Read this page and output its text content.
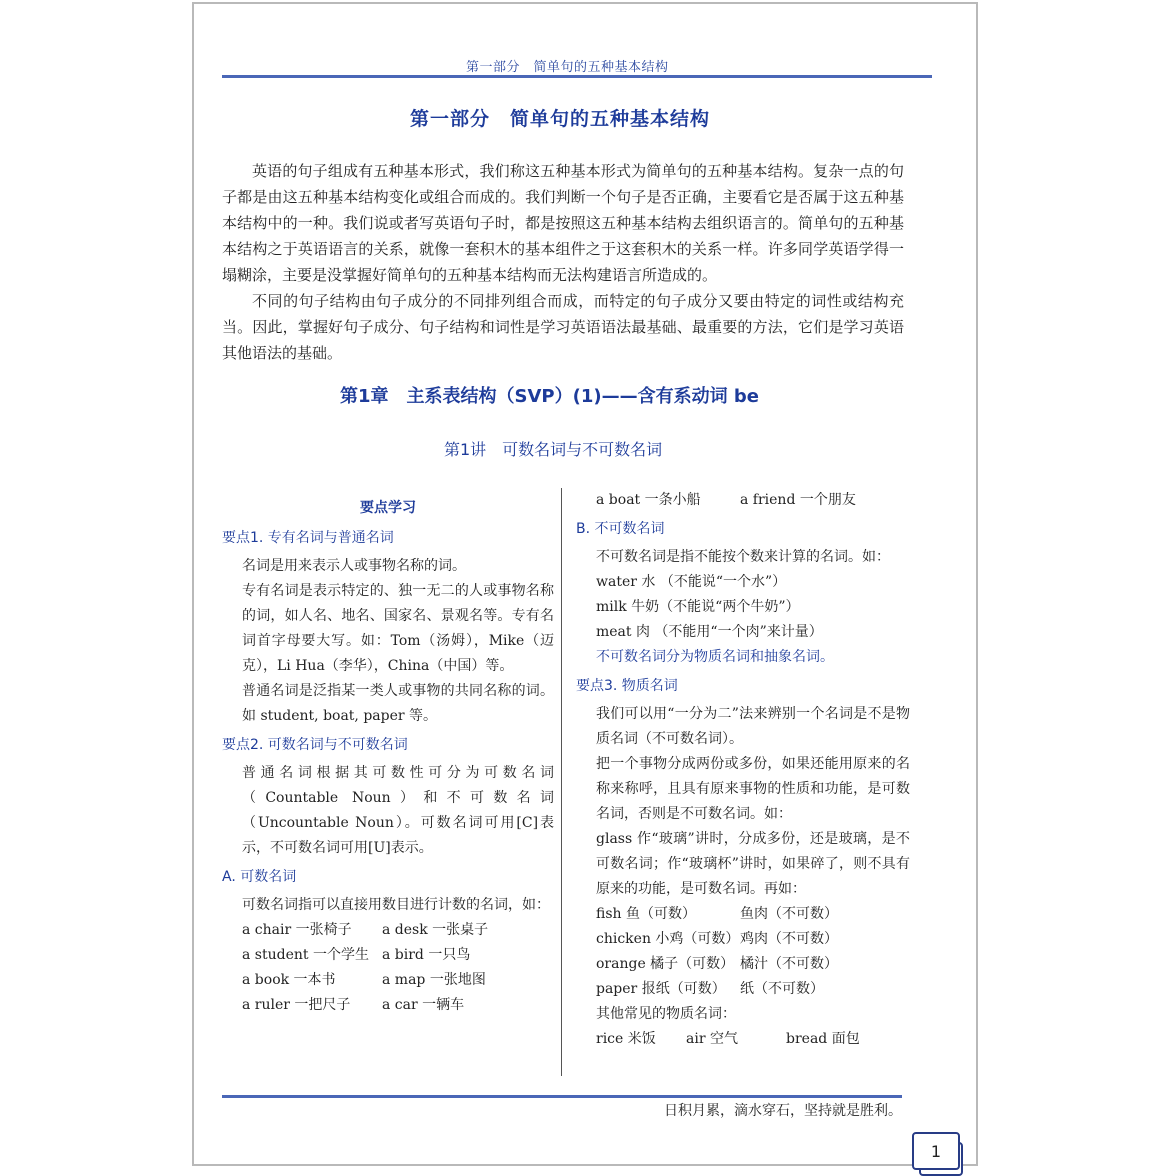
第一部分　简单句的五种基本结构
第一部分　简单句的五种基本结构

英语的句子组成有五种基本形式，我们称这五种基本形式为简单句的五种基本结构。复杂一点的句子都是由这五种基本结构变化或组合而成的。我们判断一个句子是否正确，主要看它是否属于这五种基本结构中的一种。我们说或者写英语句子时，都是按照这五种基本结构去组织语言的。简单句的五种基本结构之于英语语言的关系，就像一套积木的基本组件之于这套积木的关系一样。许多同学英语学得一塌糊涂，主要是没掌握好简单句的五种基本结构而无法构建语言所造成的。

不同的句子结构由句子成分的不同排列组合而成，而特定的句子成分又要由特定的词性或结构充当。因此，掌握好句子成分、句子结构和词性是学习英语语法最基础、最重要的方法，它们是学习英语其他语法的基础。

第1章　主系表结构（SVP）(1)——含有系动词 be
第1讲　可数名词与不可数名词
要点学习
要点1. 专有名词与普通名词
名词是用来表示人或事物名称的词。
专有名词是表示特定的、独一无二的人或事物名称的词，如人名、地名、国家名、景观名等。专有名词首字母要大写。如：Tom（汤姆），Mike（迈克），Li Hua（李华），China（中国）等。
普通名词是泛指某一类人或事物的共同名称的词。如 student, boat, paper 等。
要点2. 可数名词与不可数名词
普通名词根据其可数性可分为可数名词（Countable Noun）和不可数名词（Uncountable Noun）。可数名词可用[C]表示，不可数名词可用[U]表示。
A. 可数名词
可数名词指可以直接用数目进行计数的名词，如：
a chair 一张椅子 a desk 一张桌子
a student 一个学生 a bird 一只鸟
a book 一本书	a map 一张地图
a ruler 一把尺子 a car 一辆车
a boat 一条小船	a friend 一个朋友
B. 不可数名词
不可数名词是指不能按个数来计算的名词。如：
water 水 （不能说“一个水”）
milk 牛奶（不能说“两个牛奶”）
meat 肉 （不能用“一个肉”来计量）
不可数名词分为物质名词和抽象名词。
要点3. 物质名词
我们可以用“一分为二”法来辨别一个名词是不是物质名词（不可数名词）。
把一个事物分成两份或多份，如果还能用原来的名称来称呼，且具有原来事物的性质和功能，是可数名词，否则是不可数名词。如：
glass 作“玻璃”讲时，分成多份，还是玻璃，是不可数名词；作“玻璃杯”讲时，如果碎了，则不具有原来的功能，是可数名词。再如：
fish 鱼（可数）	鱼肉（不可数）
chicken 小鸡（可数） 鸡肉（不可数）
orange 橘子（可数） 橘汁（不可数）
paper 报纸（可数） 纸（不可数）
其他常见的物质名词：
rice 米饭 air 空气	bread 面包
日积月累，滴水穿石，坚持就是胜利。
1
